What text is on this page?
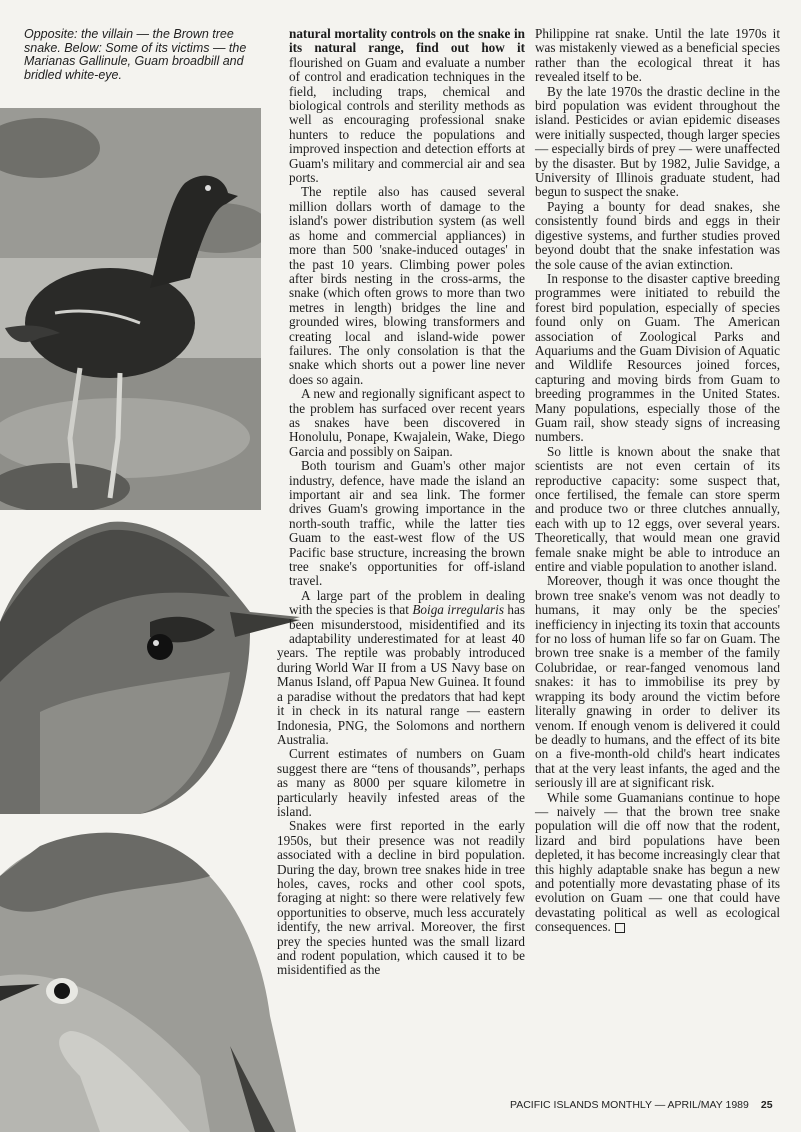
Opposite: the villain — the Brown tree snake. Below: Some of its victims — the Marianas Gallinule, Guam broadbill and bridled white-eye.

natural mortality controls on the snake in its natural range, find out how it flourished on Guam and evaluate a number of control and eradication techniques in the field, including traps, chemical and biological controls and sterility methods as well as encouraging professional snake hunters to reduce the populations and improved inspection and detection efforts at Guam's military and commercial air and sea ports.

The reptile also has caused several million dollars worth of damage to the island's power distribution system (as well as home and commercial appliances) in more than 500 'snake-induced outages' in the past 10 years. Climbing power poles after birds nesting in the cross-arms, the snake (which often grows to more than two metres in length) bridges the line and grounded wires, blowing transformers and creating local and island-wide power failures. The only consolation is that the snake which shorts out a power line never does so again.

A new and regionally significant aspect to the problem has surfaced over recent years as snakes have been discovered in Honolulu, Ponape, Kwajalein, Wake, Diego Garcia and possibly on Saipan.

Both tourism and Guam's other major industry, defence, have made the island an important air and sea link. The former drives Guam's growing importance in the north-south traffic, while the latter ties Guam to the east-west flow of the US Pacific base structure, increasing the brown tree snake's opportunities for off-island travel.

A large part of the problem in dealing with the species is that Boiga irregularis has been misunderstood, misidentified and its adaptability underestimated for at least 40 years. The reptile was probably introduced during World War II from a US Navy base on Manus Island, off Papua New Guinea. It found a paradise without the predators that had kept it in check in its natural range — eastern Indonesia, PNG, the Solomons and northern Australia.

Current estimates of numbers on Guam suggest there are “tens of thousands”, perhaps as many as 8000 per square kilometre in particularly heavily infested areas of the island.

Snakes were first reported in the early 1950s, but their presence was not readily associated with a decline in bird population. During the day, brown tree snakes hide in tree holes, caves, rocks and other cool spots, foraging at night: so there were relatively few opportunities to observe, much less accurately identify, the new arrival. Moreover, the first prey the species hunted was the small lizard and rodent population, which caused it to be misidentified as the

Philippine rat snake. Until the late 1970s it was mistakenly viewed as a beneficial species rather than the ecological threat it has revealed itself to be.

By the late 1970s the drastic decline in the bird population was evident throughout the island. Pesticides or avian epidemic diseases were initially suspected, though larger species — especially birds of prey — were unaffected by the disaster. But by 1982, Julie Savidge, a University of Illinois graduate student, had begun to suspect the snake.

Paying a bounty for dead snakes, she consistently found birds and eggs in their digestive systems, and further studies proved beyond doubt that the snake infestation was the sole cause of the avian extinction.

In response to the disaster captive breeding programmes were initiated to rebuild the forest bird population, especially of species found only on Guam. The American association of Zoological Parks and Aquariums and the Guam Division of Aquatic and Wildlife Resources joined forces, capturing and moving birds from Guam to breeding programmes in the United States. Many populations, especially those of the Guam rail, show steady signs of increasing numbers.

So little is known about the snake that scientists are not even certain of its reproductive capacity: some suspect that, once fertilised, the female can store sperm and produce two or three clutches annually, each with up to 12 eggs, over several years. Theoretically, that would mean one gravid female snake might be able to introduce an entire and viable population to another island.

Moreover, though it was once thought the brown tree snake's venom was not deadly to humans, it may only be the species' inefficiency in injecting its toxin that accounts for no loss of human life so far on Guam. The brown tree snake is a member of the family Colubridae, or rear-fanged venomous land snakes: it has to immobilise its prey by wrapping its body around the victim before literally gnawing in order to deliver its venom. If enough venom is delivered it could be deadly to humans, and the effect of its bite on a five-month-old child's heart indicates that at the very least infants, the aged and the seriously ill are at significant risk.

While some Guamanians continue to hope — naively — that the brown tree snake population will die off now that the rodent, lizard and bird populations have been depleted, it has become increasingly clear that this highly adaptable snake has begun a new and potentially more devastating phase of its evolution on Guam — one that could have devastating political as well as ecological consequences.

PACIFIC ISLANDS MONTHLY — APRIL/MAY 1989 25
